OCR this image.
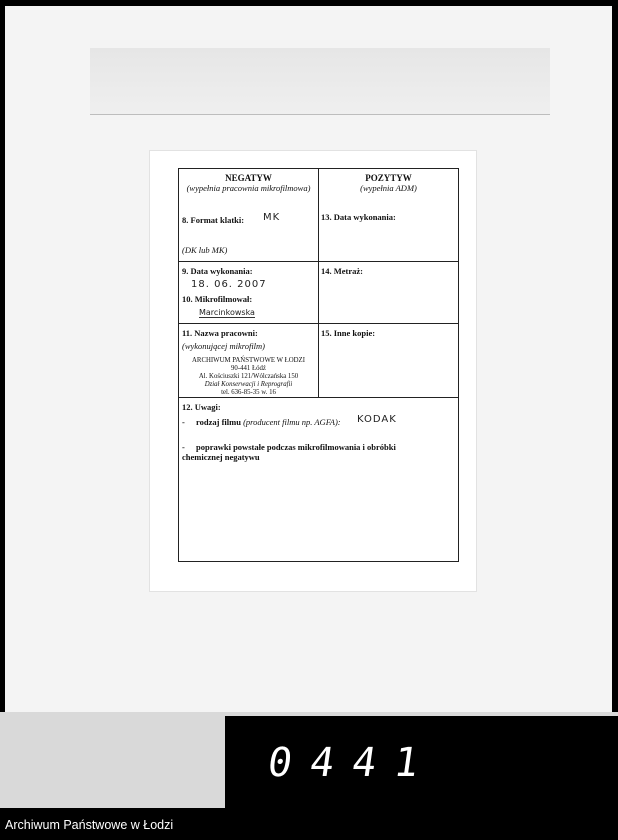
NEGATYW
(wypełnia pracownia mikrofilmowa)
POZYTYW
(wypełnia ADM)
8. Format klatki: MK
(DK lub MK)
13. Data wykonania:
9. Data wykonania:
18. 06. 2007
14. Metraż:
10. Mikrofilmował:
Marcinkowska
11. Nazwa pracowni:
(wykonującej mikrofilm)
15. Inne kopie:
ARCHIWUM PAŃSTWOWE W ŁODZI
90-441 Łódź
Al. Kościuszki 121/Wólczańska 150
Dział Konserwacji i Reprografii
tel. 636-85-35 w. 16
12. Uwagi:
- rodzaj filmu (producent filmu np. AGFA): KODAK
- poprawki powstałe podczas mikrofilmowania i obróbki
chemicznej negatywu
0441
Archiwum Państwowe w Łodzi
